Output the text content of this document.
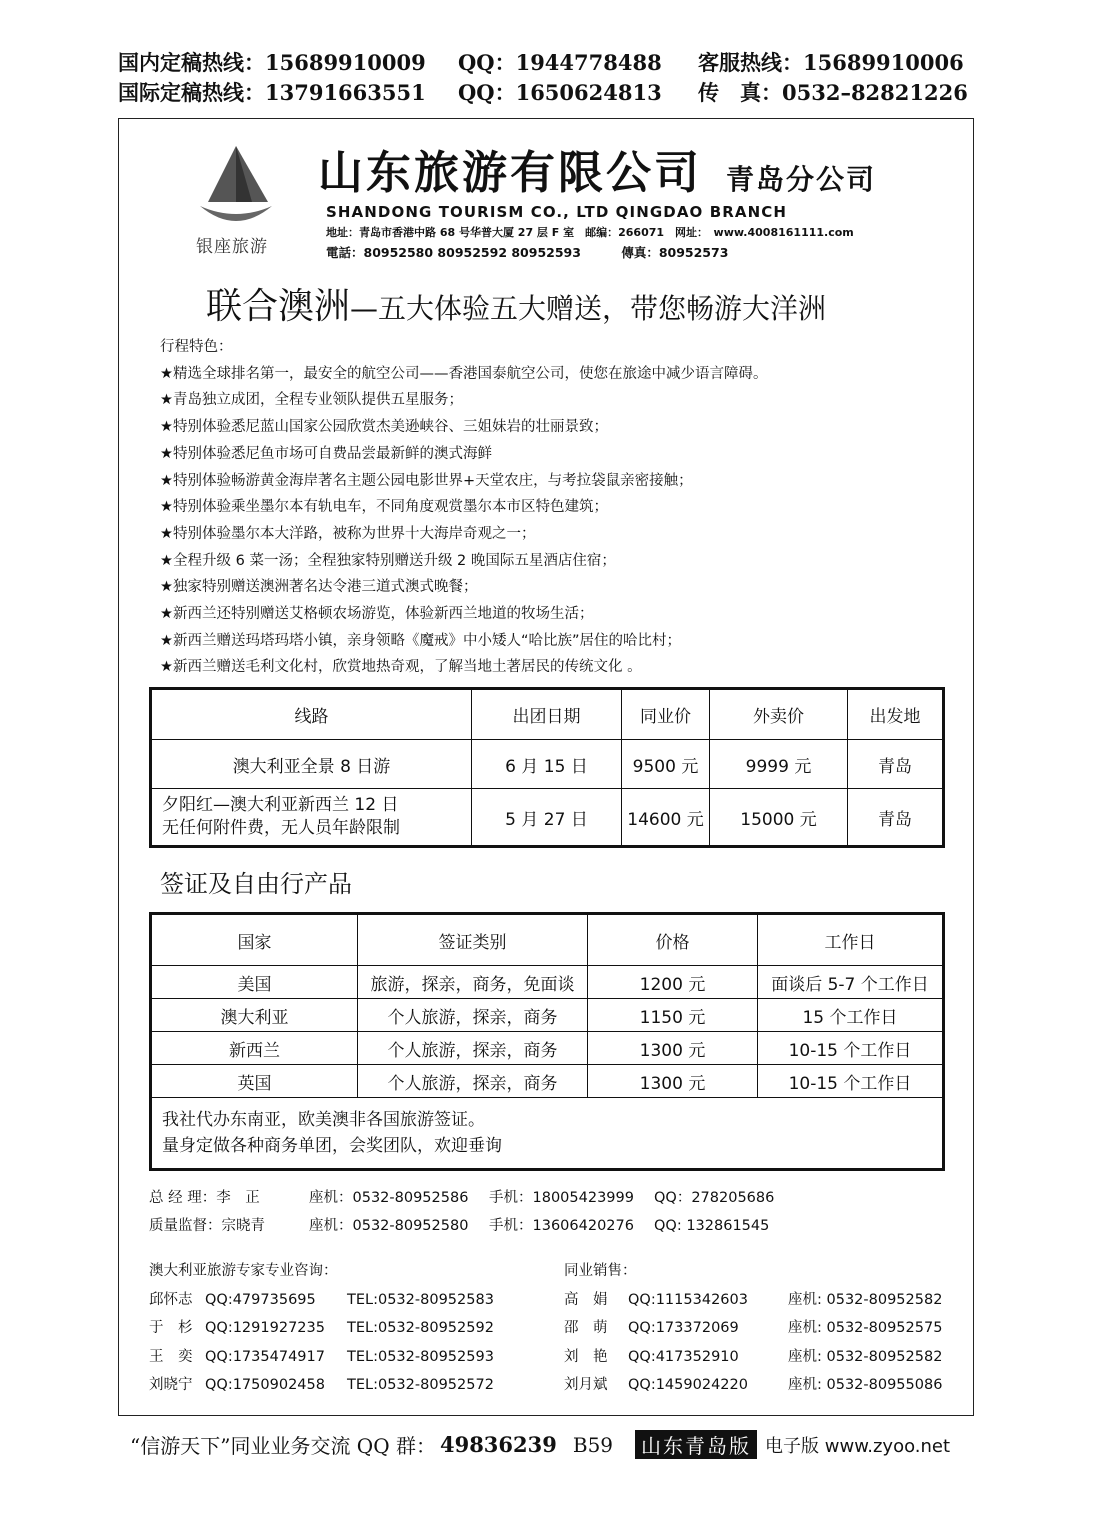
国内定稿热线：15689910009	QQ：1944778488	客服热线：15689910006
国际定稿热线：13791663551	QQ：1650624813	传　真：0532–82821226
银座旅游
山东旅游有限公司 青岛分公司
SHANDONG TOURISM CO., LTD QINGDAO BRANCH
地址：青岛市香港中路 68 号华普大厦 27 层 F 室　邮编：266071　网址：　www.4008161111.com
電話：80952580 80952592 80952593	傳真：80952573
联合澳洲—五大体验五大赠送，带您畅游大洋洲
行程特色：
★精选全球排名第一，最安全的航空公司——香港国泰航空公司，使您在旅途中减少语言障碍。
★青岛独立成团，全程专业领队提供五星服务；
★特别体验悉尼蓝山国家公园欣赏杰美逊峡谷、三姐妹岩的壮丽景致；
★特别体验悉尼鱼市场可自费品尝最新鲜的澳式海鲜
★特别体验畅游黄金海岸著名主题公园电影世界+天堂农庄，与考拉袋鼠亲密接触；
★特别体验乘坐墨尔本有轨电车，不同角度观赏墨尔本市区特色建筑；
★特别体验墨尔本大洋路，被称为世界十大海岸奇观之一；
★全程升级 6 菜一汤；全程独家特别赠送升级 2 晚国际五星酒店住宿；
★独家特别赠送澳洲著名达令港三道式澳式晚餐；
★新西兰还特别赠送艾格顿农场游览，体验新西兰地道的牧场生活；
★新西兰赠送玛塔玛塔小镇，亲身领略《魔戒》中小矮人“哈比族”居住的哈比村；
★新西兰赠送毛利文化村，欣赏地热奇观，了解当地土著居民的传统文化 。
线路	出团日期	同业价	外卖价	出发地
澳大利亚全景 8 日游	6 月 15 日	9500 元	9999 元	青岛

夕阳红—澳大利亚新西兰 12 日
无任何附件费，无人员年龄限制	5 月 27 日	14600 元	15000 元	青岛
签证及自由行产品
国家	签证类别	价格	工作日
美国	旅游，探亲，商务，免面谈	1200 元	面谈后 5-7 个工作日
澳大利亚	个人旅游，探亲，商务	1150 元	15 个工作日
新西兰	个人旅游，探亲，商务	1300 元	10-15 个工作日
英国	个人旅游，探亲，商务	1300 元	10-15 个工作日

我社代办东南亚，欧美澳非各国旅游签证。
量身定做各种商务单团，会奖团队，欢迎垂询			
总 经 理：李　正	座机：0532-80952586	手机：18005423999	QQ：278205686
质量监督：宗晓青	座机：0532-80952580	手机：13606420276	QQ: 132861545
澳大利亚旅游专家专业咨询：
邱怀志 QQ:479735695	TEL:0532-80952583
于　杉 QQ:1291927235	TEL:0532-80952592
王　奕 QQ:1735474917	TEL:0532-80952593
刘晓宁 QQ:1750902458	TEL:0532-80952572
同业销售：
高　娟	QQ:1115342603	座机: 0532-80952582
邵　萌	QQ:173372069	座机: 0532-80952575
刘　艳	QQ:417352910	座机: 0532-80952582
刘月斌	QQ:1459024220	座机: 0532-80955086
“信游天下”同业业务交流 QQ 群： 49836239 B59	山东青岛版 电子版 www.zyoo.net
